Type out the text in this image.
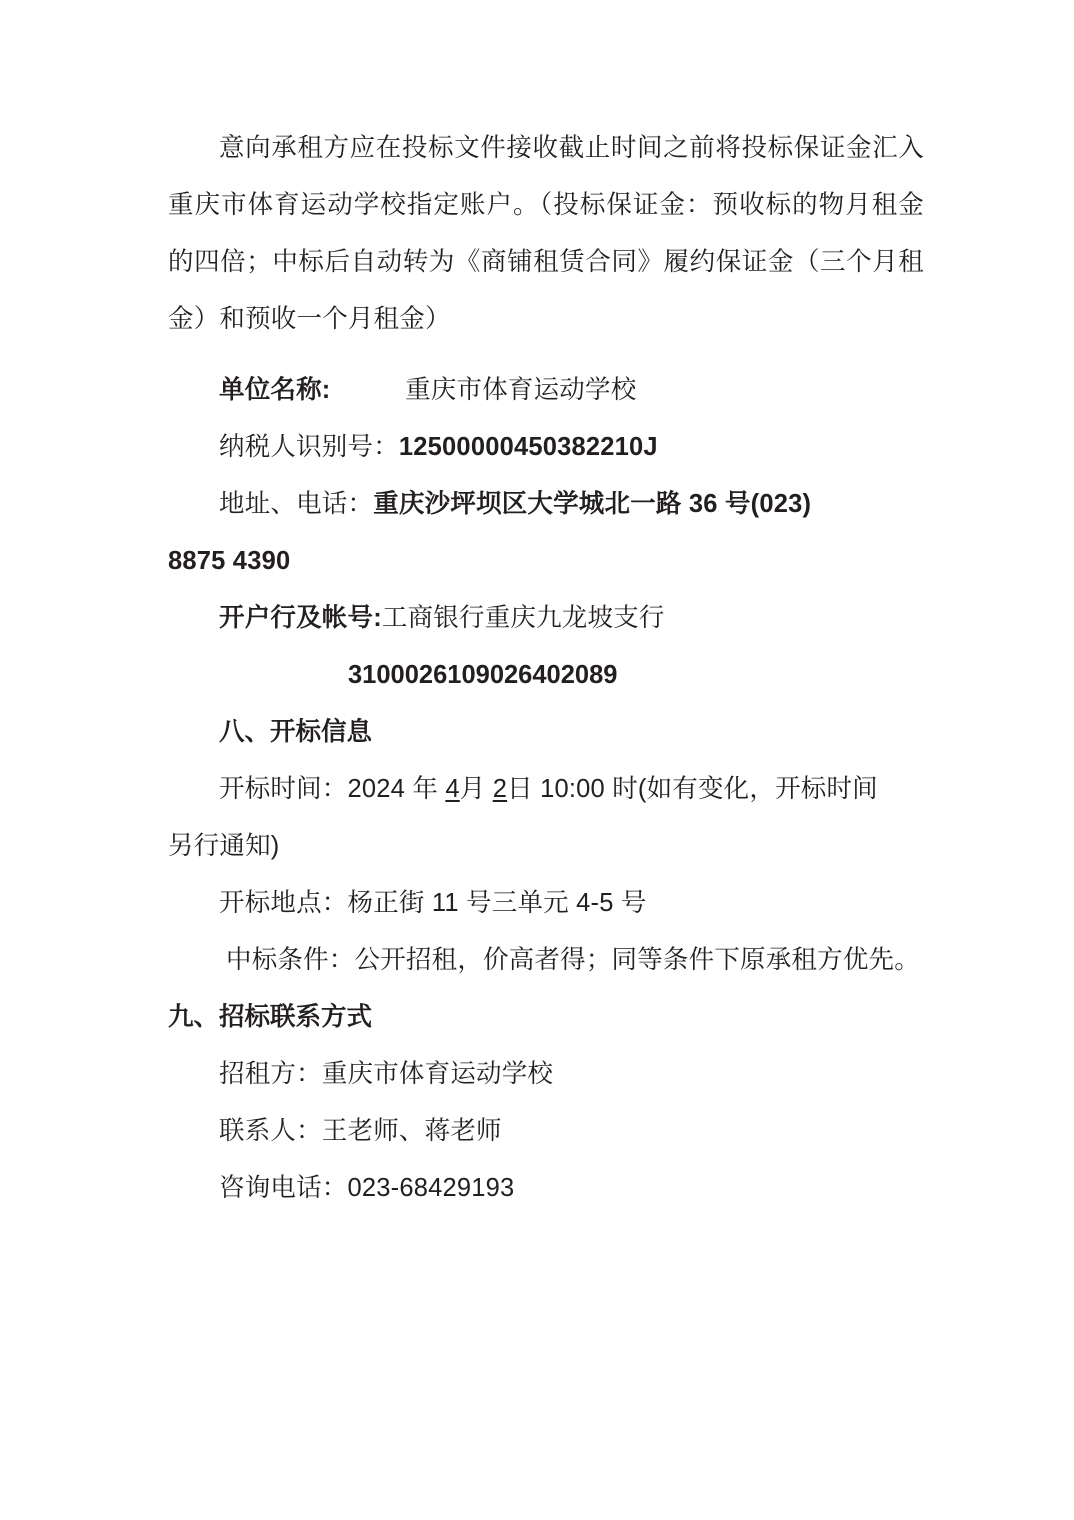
意向承租方应在投标文件接收截止时间之前将投标保证金汇入重庆市体育运动学校指定账户。（投标保证金：预收标的物月租金的四倍；中标后自动转为《商铺租赁合同》履约保证金（三个月租金）和预收一个月租金）

单位名称:	重庆市体育运动学校

纳税人识别号：12500000450382210J

地址、电话：重庆沙坪坝区大学城北一路 36 号(023)

8875 4390

开户行及帐号:工商银行重庆九龙坡支行

31000261090264​02089

八、开标信息

开标时间：2024 年 4月 2日 10:00 时(如有变化，开标时间

另行通知)

开标地点：杨正街 11 号三单元 4-5 号

中标条件：公开招租，价高者得；同等条件下原承租方优先。

九、招标联系方式

招租方：重庆市体育运动学校

联系人：王老师、蒋老师

咨询电话：023-68429193
